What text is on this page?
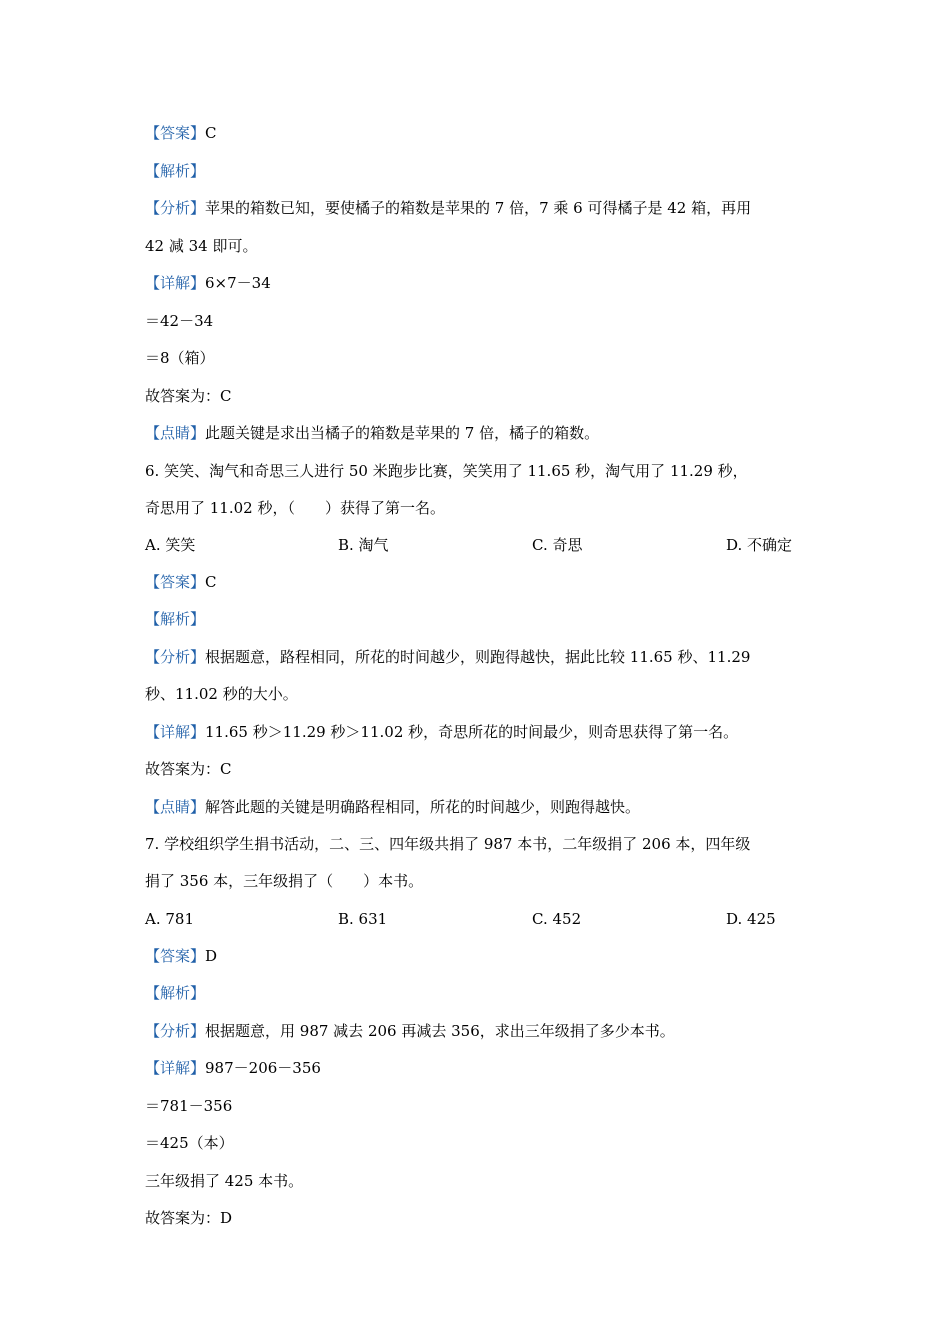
【答案】C
【解析】
【分析】苹果的箱数已知，要使橘子的箱数是苹果的 7 倍，7 乘 6 可得橘子是 42 箱，再用
42 减 34 即可。
【详解】6×7－34
＝42－34
＝8（箱）
故答案为：C
【点睛】此题关键是求出当橘子的箱数是苹果的 7 倍，橘子的箱数。
6. 笑笑、淘气和奇思三人进行 50 米跑步比赛，笑笑用了 11.65 秒，淘气用了 11.29 秒，
奇思用了 11.02 秒，（　　）获得了第一名。
A. 笑笑	B. 淘气	C. 奇思	D. 不确定
【答案】C
【解析】
【分析】根据题意，路程相同，所花的时间越少，则跑得越快，据此比较 11.65 秒、11.29
秒、11.02 秒的大小。
【详解】11.65 秒＞11.29 秒＞11.02 秒，奇思所花的时间最少，则奇思获得了第一名。
故答案为：C
【点睛】解答此题的关键是明确路程相同，所花的时间越少，则跑得越快。
7. 学校组织学生捐书活动，二、三、四年级共捐了 987 本书，二年级捐了 206 本，四年级
捐了 356 本，三年级捐了（　　）本书。
A. 781	B. 631	C. 452	D. 425
【答案】D
【解析】
【分析】根据题意，用 987 减去 206 再减去 356，求出三年级捐了多少本书。
【详解】987－206－356
＝781－356
＝425（本）
三年级捐了 425 本书。
故答案为：D
